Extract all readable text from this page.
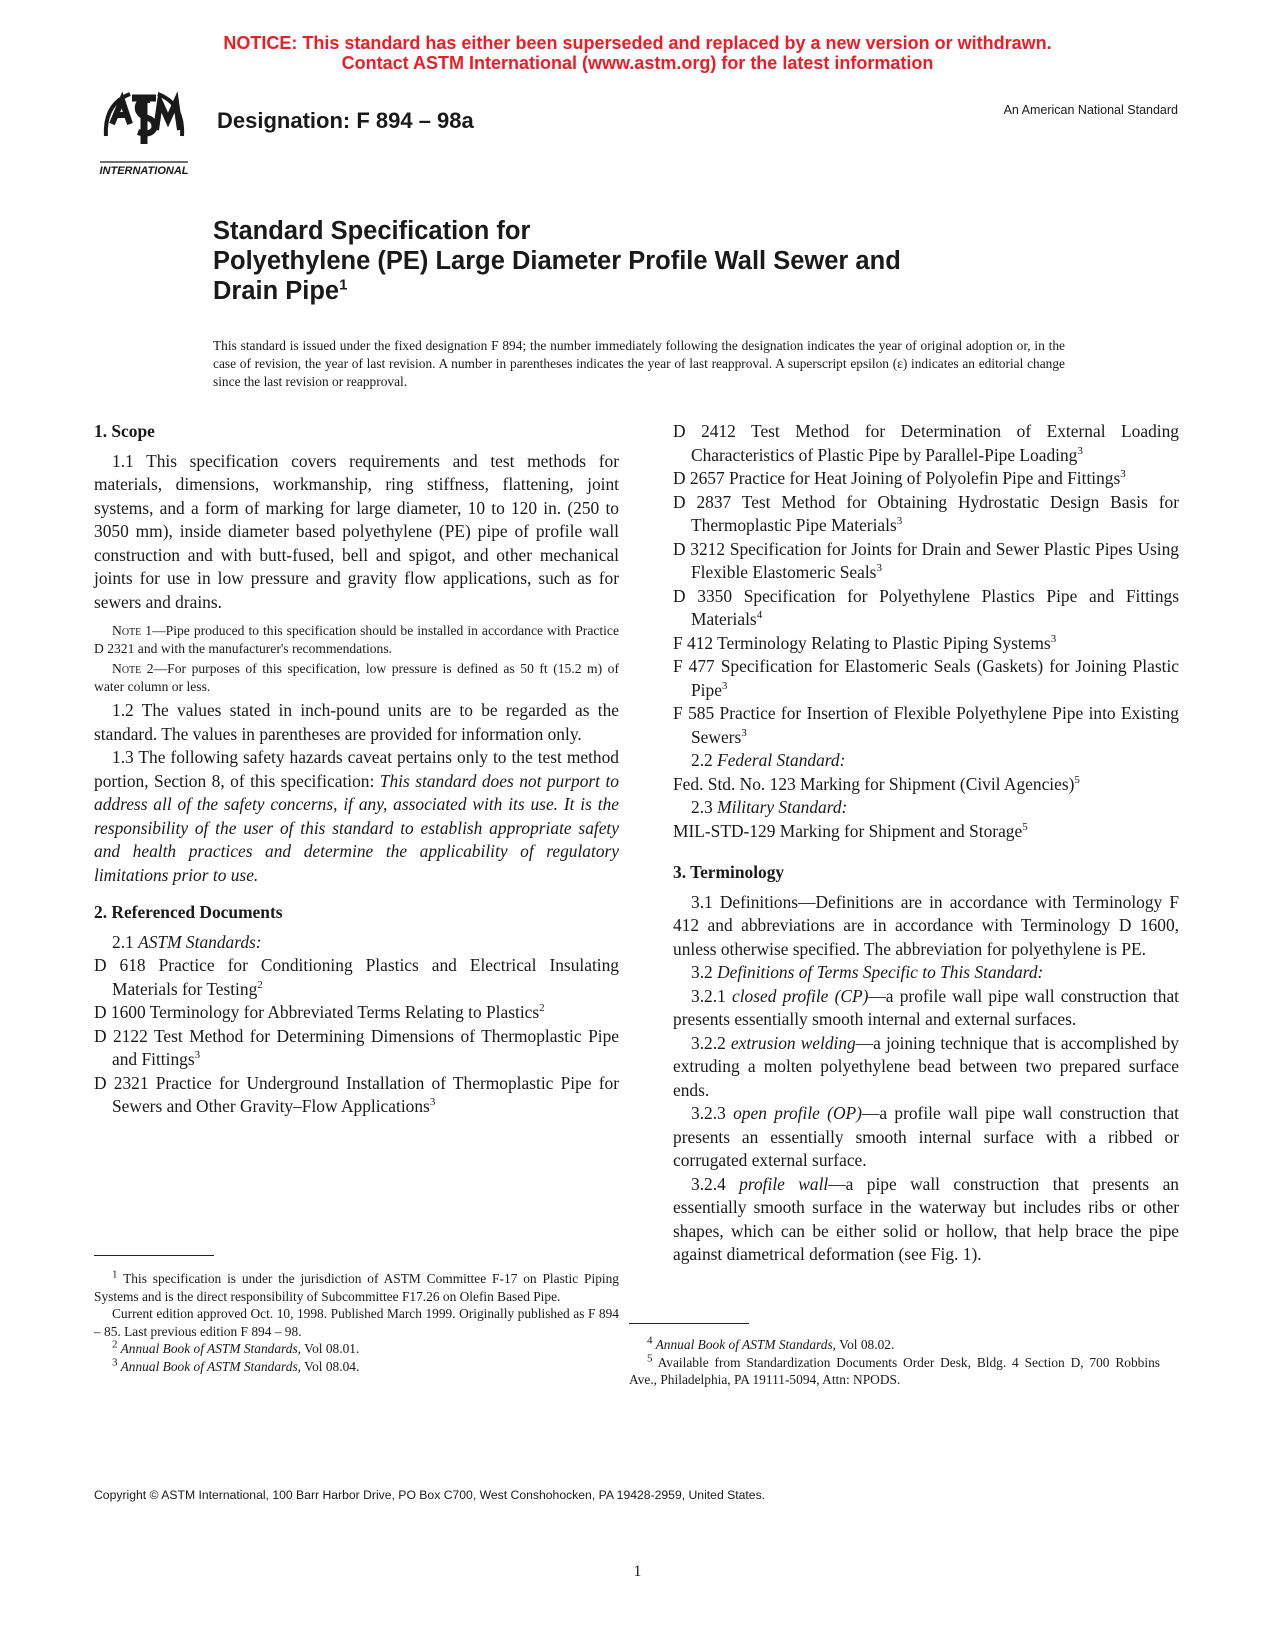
NOTICE: This standard has either been superseded and replaced by a new version or withdrawn.
Contact ASTM International (www.astm.org) for the latest information
INTERNATIONAL
Designation: F 894 – 98a	An American National Standard
Standard Specification for
Polyethylene (PE) Large Diameter Profile Wall Sewer and
Drain Pipe$^1$
This standard is issued under the fixed designation F 894; the number immediately following the designation indicates the year of original adoption or, in the case of revision, the year of last revision. A number in parentheses indicates the year of last reapproval. A superscript epsilon (ε) indicates an editorial change since the last revision or reapproval.

1. Scope

1.1 This specification covers requirements and test methods for materials, dimensions, workmanship, ring stiffness, flattening, joint systems, and a form of marking for large diameter, 10 to 120 in. (250 to 3050 mm), inside diameter based polyethylene (PE) pipe of profile wall construction and with butt-fused, bell and spigot, and other mechanical joints for use in low pressure and gravity flow applications, such as for sewers and drains.

Note 1—Pipe produced to this specification should be installed in accordance with Practice D 2321 and with the manufacturer's recommendations.

Note 2—For purposes of this specification, low pressure is defined as 50 ft (15.2 m) of water column or less.

1.2 The values stated in inch-pound units are to be regarded as the standard. The values in parentheses are provided for information only.

1.3 The following safety hazards caveat pertains only to the test method portion, Section 8, of this specification: This standard does not purport to address all of the safety concerns, if any, associated with its use. It is the responsibility of the user of this standard to establish appropriate safety and health practices and determine the applicability of regulatory limitations prior to use.

2. Referenced Documents

2.1 ASTM Standards:

D 618 Practice for Conditioning Plastics and Electrical Insulating Materials for Testing$^2$

D 1600 Terminology for Abbreviated Terms Relating to Plastics$^2$

D 2122 Test Method for Determining Dimensions of Thermoplastic Pipe and Fittings$^3$

D 2321 Practice for Underground Installation of Thermoplastic Pipe for Sewers and Other Gravity–Flow Applications$^3$

D 2412 Test Method for Determination of External Loading Characteristics of Plastic Pipe by Parallel-Pipe Loading$^3$

D 2657 Practice for Heat Joining of Polyolefin Pipe and Fittings$^3$

D 2837 Test Method for Obtaining Hydrostatic Design Basis for Thermoplastic Pipe Materials$^3$

D 3212 Specification for Joints for Drain and Sewer Plastic Pipes Using Flexible Elastomeric Seals$^3$

D 3350 Specification for Polyethylene Plastics Pipe and Fittings Materials$^4$

F 412 Terminology Relating to Plastic Piping Systems$^3$

F 477 Specification for Elastomeric Seals (Gaskets) for Joining Plastic Pipe$^3$

F 585 Practice for Insertion of Flexible Polyethylene Pipe into Existing Sewers$^3$

2.2 Federal Standard:

Fed. Std. No. 123 Marking for Shipment (Civil Agencies)$^5$

2.3 Military Standard:

MIL-STD-129 Marking for Shipment and Storage$^5$

3. Terminology

3.1 Definitions—Definitions are in accordance with Terminology F 412 and abbreviations are in accordance with Terminology D 1600, unless otherwise specified. The abbreviation for polyethylene is PE.

3.2 Definitions of Terms Specific to This Standard:

3.2.1 closed profile (CP)—a profile wall pipe wall construction that presents essentially smooth internal and external surfaces.

3.2.2 extrusion welding—a joining technique that is accomplished by extruding a molten polyethylene bead between two prepared surface ends.

3.2.3 open profile (OP)—a profile wall pipe wall construction that presents an essentially smooth internal surface with a ribbed or corrugated external surface.

3.2.4 profile wall—a pipe wall construction that presents an essentially smooth surface in the waterway but includes ribs or other shapes, which can be either solid or hollow, that help brace the pipe against diametrical deformation (see Fig. 1).

$^1$ This specification is under the jurisdiction of ASTM Committee F-17 on Plastic Piping Systems and is the direct responsibility of Subcommittee F17.26 on Olefin Based Pipe.

Current edition approved Oct. 10, 1998. Published March 1999. Originally published as F 894 – 85. Last previous edition F 894 – 98.

$^2$ Annual Book of ASTM Standards, Vol 08.01.

$^3$ Annual Book of ASTM Standards, Vol 08.04.

$^4$ Annual Book of ASTM Standards, Vol 08.02.

$^5$ Available from Standardization Documents Order Desk, Bldg. 4 Section D, 700 Robbins Ave., Philadelphia, PA 19111-5094, Attn: NPODS.

Copyright © ASTM International, 100 Barr Harbor Drive, PO Box C700, West Conshohocken, PA 19428-2959, United States.
1
